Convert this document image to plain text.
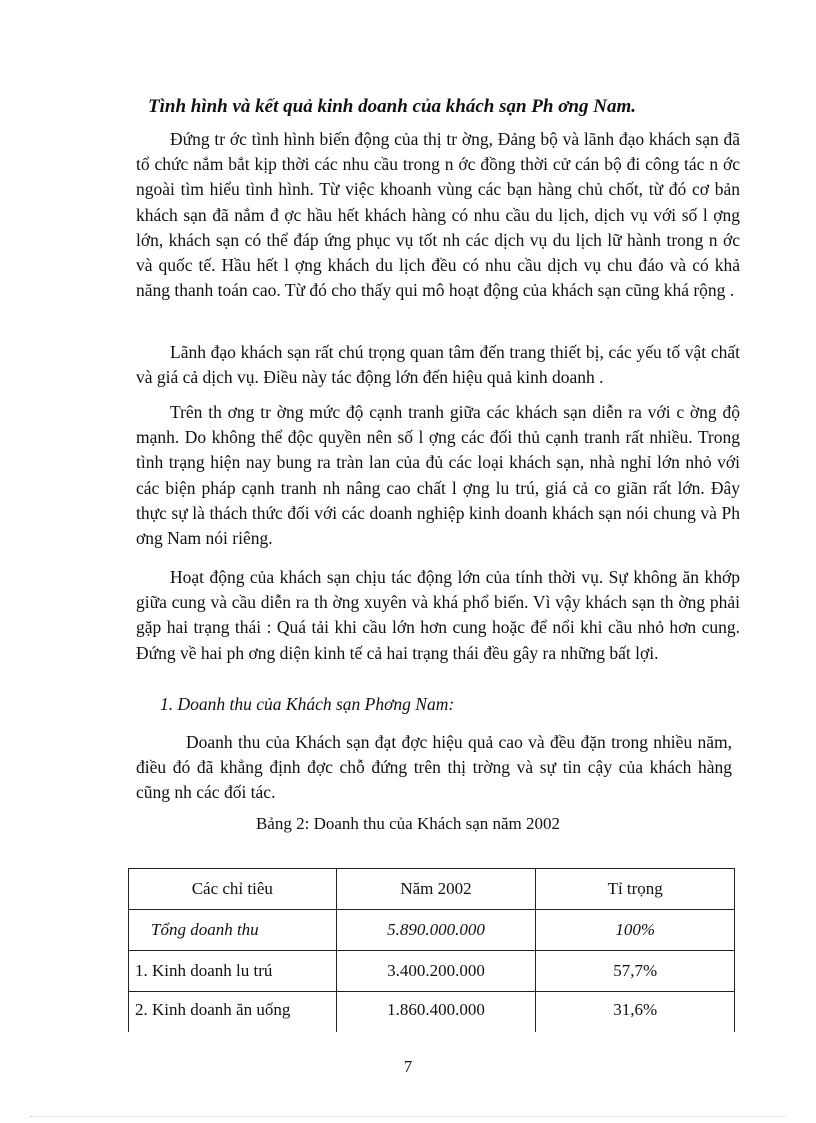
Tình hình và kết quả kinh doanh của khách sạn Ph ơng Nam.

Đứng tr ớc tình hình biến động của thị tr ờng, Đảng bộ và lãnh đạo khách sạn đã tổ chức nắm bắt kịp thời các nhu cầu trong n ớc đồng thời cử cán bộ đi công tác n ớc ngoài tìm hiểu tình hình. Từ việc khoanh vùng các bạn hàng chủ chốt, từ đó cơ bản khách sạn đã nắm đ ợc hầu hết khách hàng có nhu cầu du lịch, dịch vụ với số l ợng lớn, khách sạn có thể đáp ứng phục vụ tốt nh các dịch vụ du lịch lữ hành trong n ớc và quốc tế. Hầu hết l ợng khách du lịch đều có nhu cầu dịch vụ chu đáo và có khả năng thanh toán cao. Từ đó cho thấy qui mô hoạt động của khách sạn cũng khá rộng .

Lãnh đạo khách sạn rất chú trọng quan tâm đến trang thiết bị, các yếu tố vật chất và giá cả dịch vụ. Điều này tác động lớn đến hiệu quả kinh doanh .

Trên th ơng tr ờng mức độ cạnh tranh giữa các khách sạn diễn ra với c ờng độ mạnh. Do không thể độc quyền nên số l ợng các đối thủ cạnh tranh rất nhiều. Trong tình trạng hiện nay bung ra tràn lan của đủ các loại khách sạn, nhà nghỉ lớn nhỏ với các biện pháp cạnh tranh nh nâng cao chất l ợng lu trú, giá cả co giãn rất lớn. Đây thực sự là thách thức đối với các doanh nghiệp kinh doanh khách sạn nói chung và Ph ơng Nam nói riêng.

Hoạt động của khách sạn chịu tác động lớn của tính thời vụ. Sự không ăn khớp giữa cung và cầu diễn ra th ờng xuyên và khá phổ biến. Vì vậy khách sạn th ờng phải gặp hai trạng thái : Quá tải khi cầu lớn hơn cung hoặc để nổi khi cầu nhỏ hơn cung. Đứng về hai ph ơng diện kinh tế cả hai trạng thái đều gây ra những bất lợi.

1. Doanh thu của Khách sạn Phơng Nam:

Doanh thu của Khách sạn đạt đợc hiệu quả cao và đều đặn trong nhiều năm, điều đó đã khẳng định đợc chỗ đứng trên thị trờng và sự tin cậy của khách hàng cũng nh các đối tác.

Bảng 2: Doanh thu của Khách sạn năm 2002
Các chỉ tiêu	Năm 2002	Tỉ trọng
Tổng doanh thu	5.890.000.000	100%
1. Kinh doanh lu trú	3.400.200.000	57,7%
2. Kinh doanh ăn uống	1.860.400.000	31,6%
7
